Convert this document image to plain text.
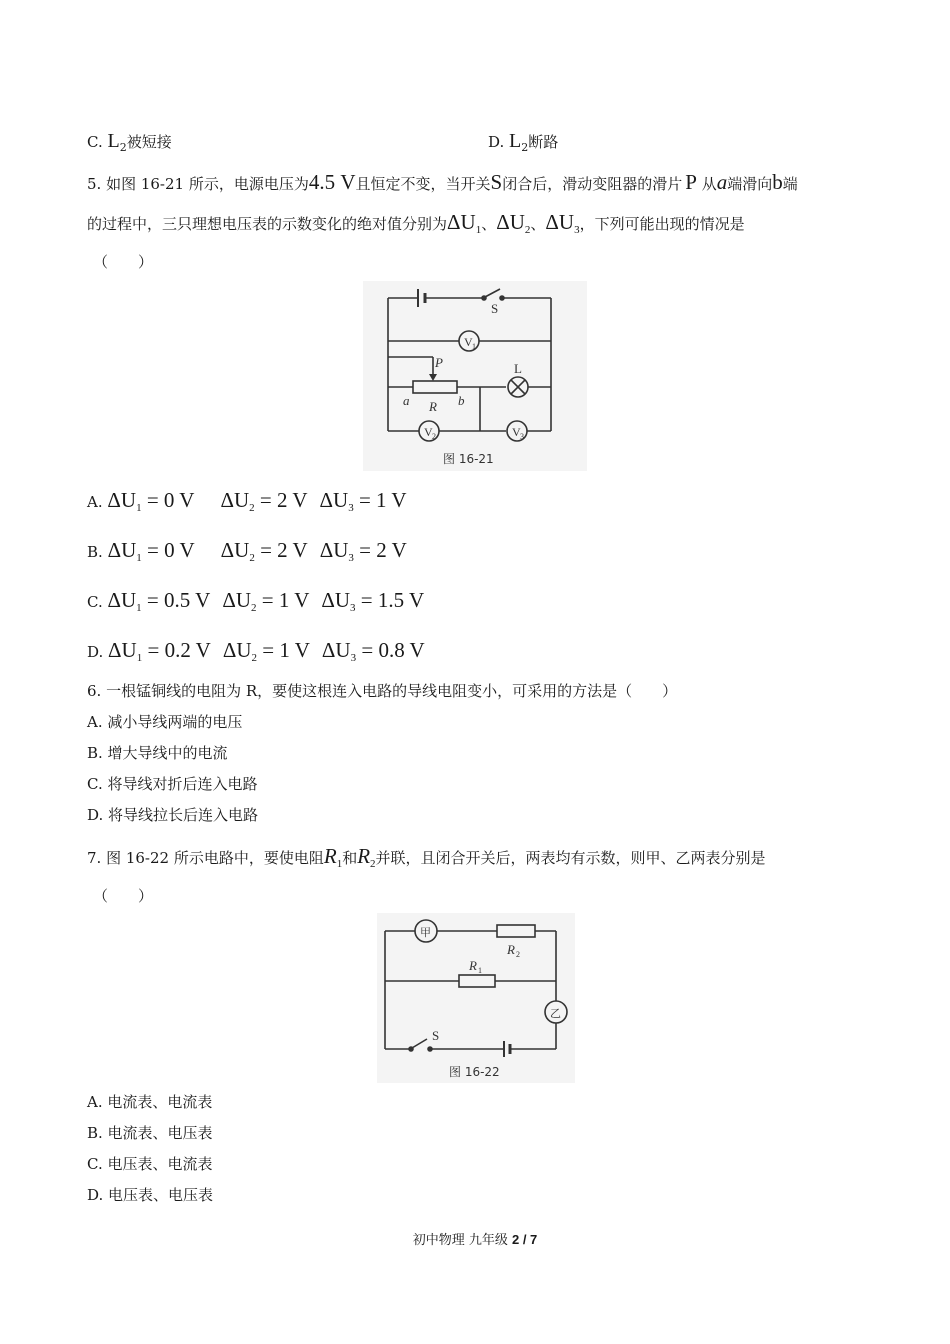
C. $L_2$被短接	D. $L_2$断路
5. 如图 16-21 所示，电源电压为4.5 V且恒定不变，当开关S闭合后，滑动变阻器的滑片 P 从a端滑向b端
的过程中，三只理想电压表的示数变化的绝对值分别为$\Delta U_1$、$\Delta U_2$、$\Delta U_3$，下列可能出现的情况是
（　　）
S
V 1
P	L
a R b
V 2	V 3
图 16-21
A. $\Delta U_1 = 0$ V $\Delta U_2 = 2$ V $\Delta U_3 = 1$ V
B. $\Delta U_1 = 0$ V $\Delta U_2 = 2$ V $\Delta U_3 = 2$ V
C. $\Delta U_1 = 0.5$ V $\Delta U_2 = 1$ V $\Delta U_3 = 1.5$ V
D. $\Delta U_1 = 0.2$ V $\Delta U_2 = 1$ V $\Delta U_3 = 0.8$ V
6. 一根锰铜线的电阻为 R，要使这根连入电路的导线电阻变小，可采用的方法是（　　）
A. 减小导线两端的电压
B. 增大导线中的电流
C. 将导线对折后连入电路
D. 将导线拉长后连入电路
7. 图 16-22 所示电路中，要使电阻$R_1$和$R_2$并联，且闭合开关后，两表均有示数，则甲、乙两表分别是
（　　）
甲
R 2
R 1
乙
S
图 16-22
A. 电流表、电流表
B. 电流表、电压表
C. 电压表、电流表
D. 电压表、电压表
初中物理 九年级 2 / 7
